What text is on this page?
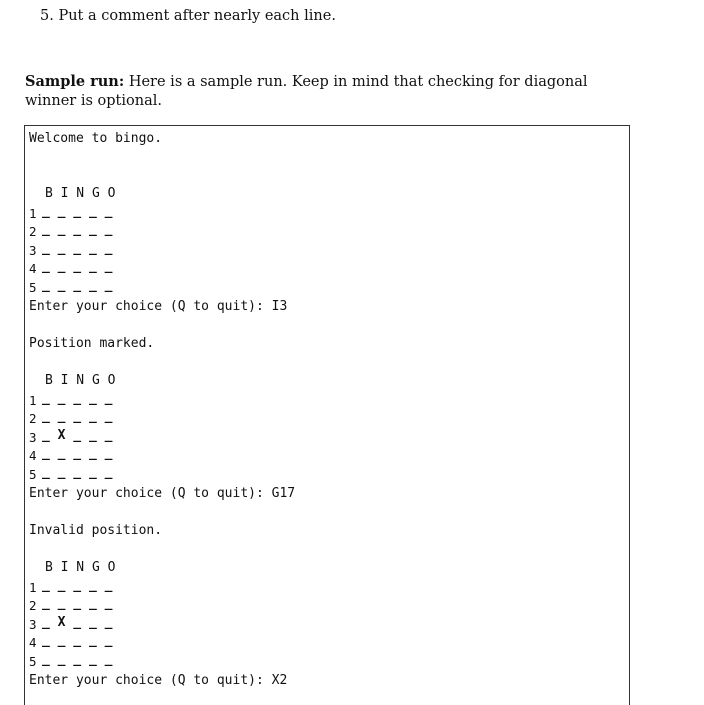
5. Put a comment after nearly each line.
Sample run: Here is a sample run. Keep in mind that checking for diagonal winner is optional.
Welcome to bingo.
B I N G O
1 _ _ _ _ _
2 _ _ _ _ _
3 _ _ _ _ _
4 _ _ _ _ _
5 _ _ _ _ _
Enter your choice (Q to quit): I3
Position marked.
B I N G O
1 _ _ _ _ _
2 _ _ _ _ _
3 _ X _ _ _
4 _ _ _ _ _
5 _ _ _ _ _
Enter your choice (Q to quit): G17
Invalid position.
B I N G O
1 _ _ _ _ _
2 _ _ _ _ _
3 _ X _ _ _
4 _ _ _ _ _
5 _ _ _ _ _
Enter your choice (Q to quit): X2
